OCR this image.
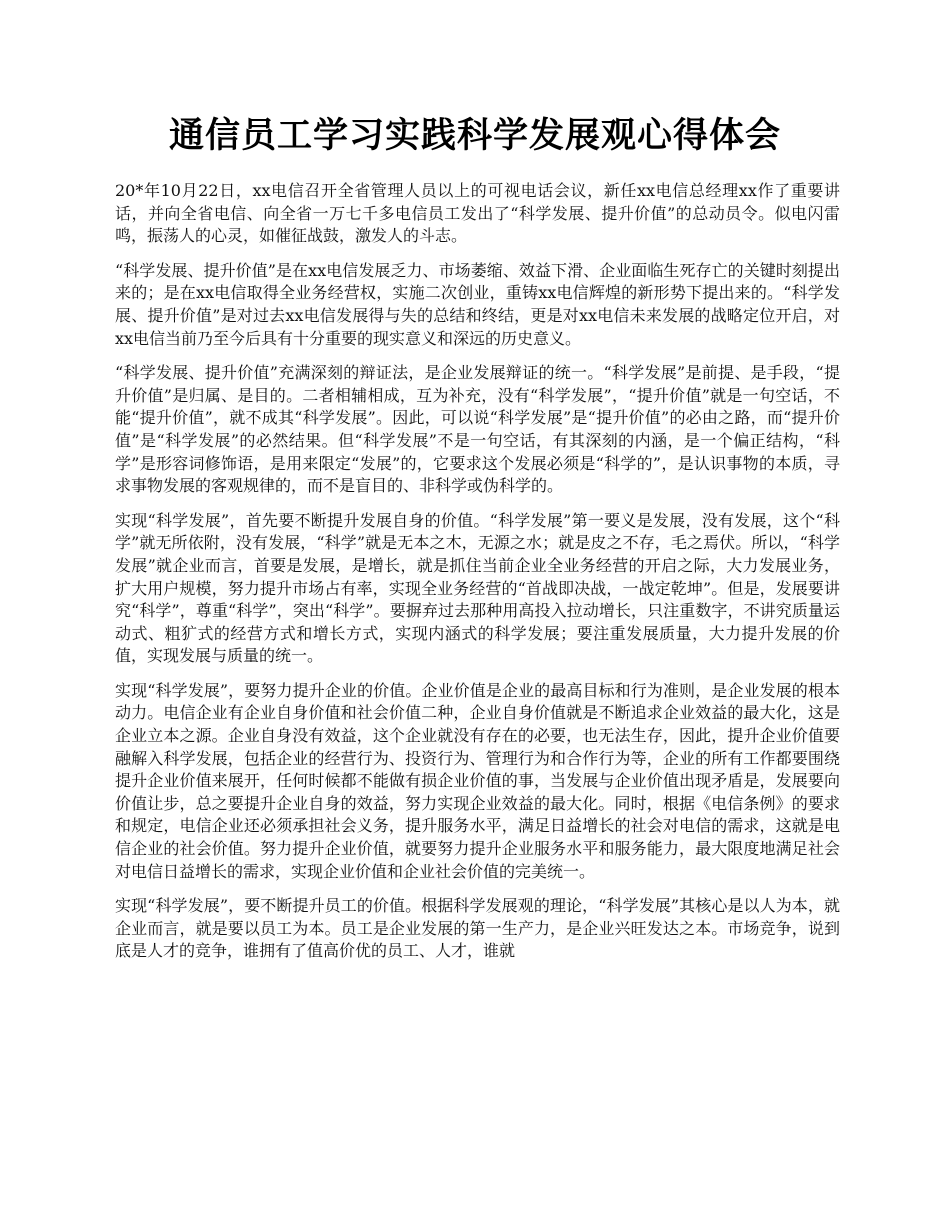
通信员工学习实践科学发展观心得体会

20*年10月22日，xx电信召开全省管理人员以上的可视电话会议，新任xx电信总经理xx作了重要讲话，并向全省电信、向全省一万七千多电信员工发出了“科学发展、提升价值”的总动员令。似电闪雷鸣，振荡人的心灵，如催征战鼓，激发人的斗志。

“科学发展、提升价值”是在xx电信发展乏力、市场萎缩、效益下滑、企业面临生死存亡的关键时刻提出来的；是在xx电信取得全业务经营权，实施二次创业，重铸xx电信辉煌的新形势下提出来的。“科学发展、提升价值”是对过去xx电信发展得与失的总结和终结，更是对xx电信未来发展的战略定位开启，对xx电信当前乃至今后具有十分重要的现实意义和深远的历史意义。

“科学发展、提升价值”充满深刻的辩证法，是企业发展辩证的统一。“科学发展”是前提、是手段，“提升价值”是归属、是目的。二者相辅相成，互为补充，没有“科学发展”，“提升价值”就是一句空话，不能“提升价值”，就不成其“科学发展”。因此，可以说“科学发展”是“提升价值”的必由之路，而“提升价值”是“科学发展”的必然结果。但“科学发展”不是一句空话，有其深刻的内涵，是一个偏正结构，“科学”是形容词修饰语，是用来限定“发展”的，它要求这个发展必须是“科学的”，是认识事物的本质，寻求事物发展的客观规律的，而不是盲目的、非科学或伪科学的。

实现“科学发展”，首先要不断提升发展自身的价值。“科学发展”第一要义是发展，没有发展，这个“科学”就无所依附，没有发展，“科学”就是无本之木，无源之水；就是皮之不存，毛之焉伏。所以，“科学发展”就企业而言，首要是发展，是增长，就是抓住当前企业全业务经营的开启之际，大力发展业务，扩大用户规模，努力提升市场占有率，实现全业务经营的“首战即决战，一战定乾坤”。但是，发展要讲究“科学”，尊重“科学”，突出“科学”。要摒弃过去那种用高投入拉动增长，只注重数字，不讲究质量运动式、粗犷式的经营方式和增长方式，实现内涵式的科学发展；要注重发展质量，大力提升发展的价值，实现发展与质量的统一。

实现“科学发展”，要努力提升企业的价值。企业价值是企业的最高目标和行为准则，是企业发展的根本动力。电信企业有企业自身价值和社会价值二种，企业自身价值就是不断追求企业效益的最大化，这是企业立本之源。企业自身没有效益，这个企业就没有存在的必要，也无法生存，因此，提升企业价值要融解入科学发展，包括企业的经营行为、投资行为、管理行为和合作行为等，企业的所有工作都要围绕提升企业价值来展开，任何时候都不能做有损企业价值的事，当发展与企业价值出现矛盾是，发展要向价值让步，总之要提升企业自身的效益，努力实现企业效益的最大化。同时，根据《电信条例》的要求和规定，电信企业还必须承担社会义务，提升服务水平，满足日益增长的社会对电信的需求，这就是电信企业的社会价值。努力提升企业价值，就要努力提升企业服务水平和服务能力，最大限度地满足社会对电信日益增长的需求，实现企业价值和企业社会价值的完美统一。

实现“科学发展”，要不断提升员工的价值。根据科学发展观的理论，“科学发展”其核心是以人为本，就企业而言，就是要以员工为本。员工是企业发展的第一生产力，是企业兴旺发达之本。市场竞争，说到底是人才的竞争，谁拥有了值高价优的员工、人才，谁就
